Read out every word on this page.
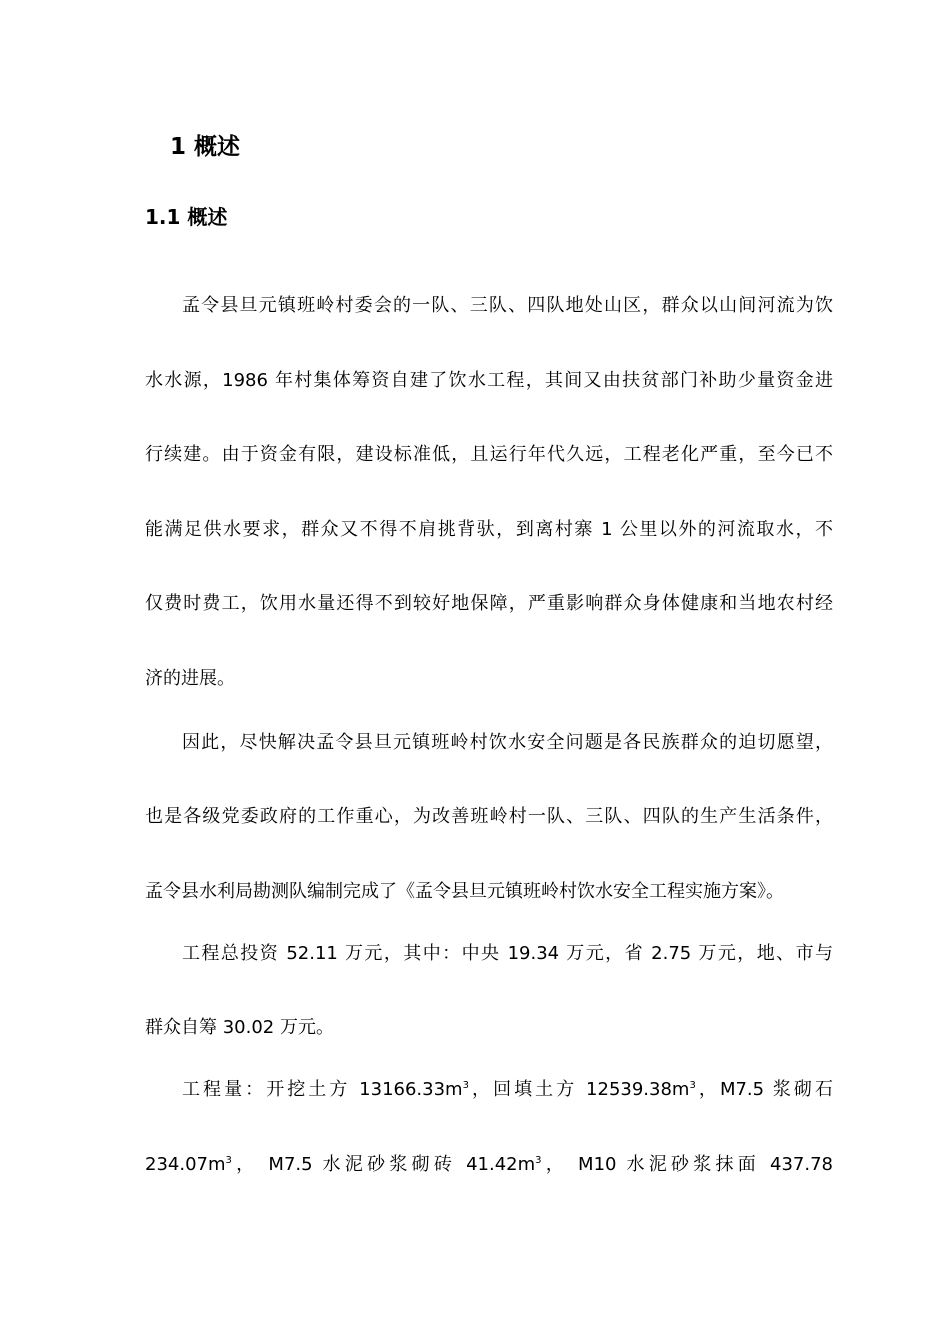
1 概述
1.1 概述
孟令县旦元镇班岭村委会的一队、三队、四队地处山区，群众以山间河流为饮
水水源，1986 年村集体筹资自建了饮水工程，其间又由扶贫部门补助少量资金进
行续建。由于资金有限，建设标准低，且运行年代久远，工程老化严重，至今已不
能满足供水要求，群众又不得不肩挑背驮，到离村寨 1 公里以外的河流取水，不
仅费时费工，饮用水量还得不到较好地保障，严重影响群众身体健康和当地农村经
济的进展。
因此，尽快解决孟令县旦元镇班岭村饮水安全问题是各民族群众的迫切愿望，
也是各级党委政府的工作重心，为改善班岭村一队、三队、四队的生产生活条件，
孟令县水利局勘测队编制完成了《孟令县旦元镇班岭村饮水安全工程实施方案》。
工程总投资 52.11 万元，其中：中央 19.34 万元，省 2.75 万元，地、市与
群众自筹 30.02 万元。
工程量：开挖土方 $13166.33m^3$，回填土方 $12539.38m^3$，M7.5 浆砌石
$234.07m^3$， M7.5 水泥砂浆砌砖 $41.42m^3$， M10 水泥砂浆抹面 437.78
